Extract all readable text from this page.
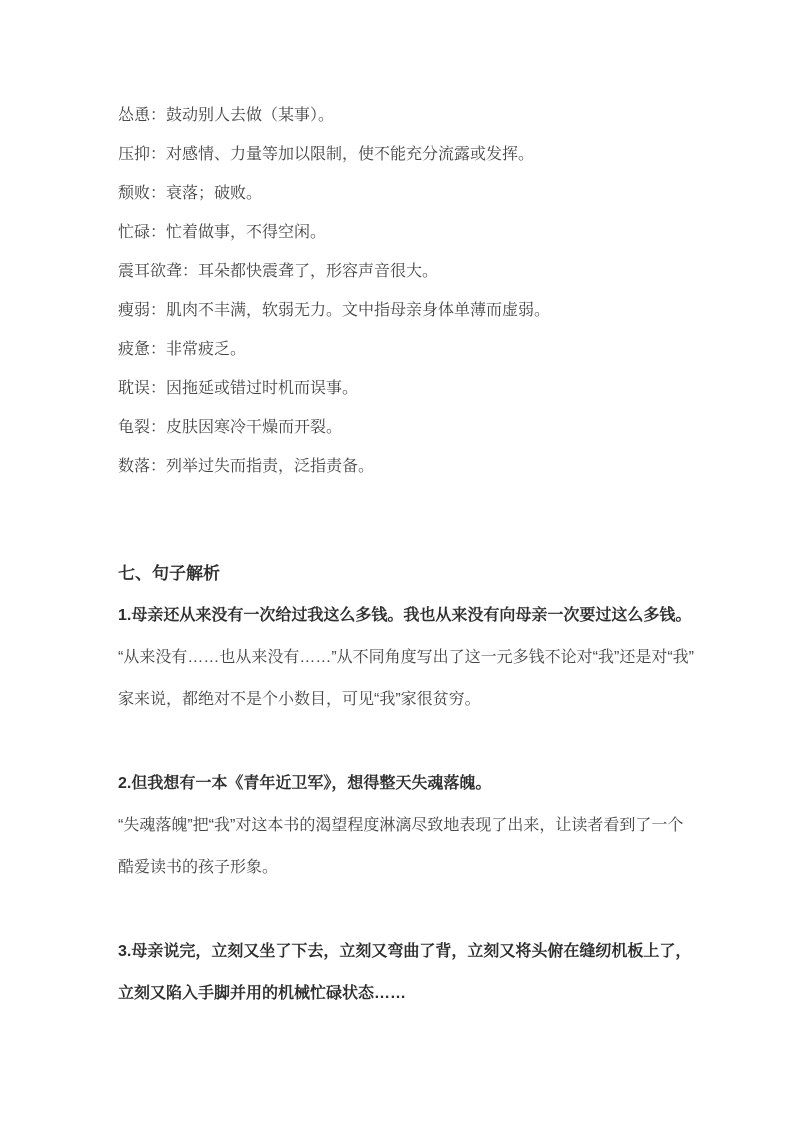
怂恿：鼓动别人去做（某事）。
压抑：对感情、力量等加以限制，使不能充分流露或发挥。
颓败：衰落；破败。
忙碌：忙着做事，不得空闲。
震耳欲聋：耳朵都快震聋了，形容声音很大。
瘦弱：肌肉不丰满，软弱无力。文中指母亲身体单薄而虚弱。
疲惫：非常疲乏。
耽误：因拖延或错过时机而误事。
龟裂：皮肤因寒冷干燥而开裂。
数落：列举过失而指责，泛指责备。
七、句子解析
1.母亲还从来没有一次给过我这么多钱。我也从来没有向母亲一次要过这么多钱。
“从来没有……也从来没有……”从不同角度写出了这一元多钱不论对“我”还是对“我”
家来说，都绝对不是个小数目，可见“我”家很贫穷。
2.但我想有一本《青年近卫军》，想得整天失魂落魄。
“失魂落魄”把“我”对这本书的渴望程度淋漓尽致地表现了出来，让读者看到了一个
酷爱读书的孩子形象。
3.母亲说完，立刻又坐了下去，立刻又弯曲了背，立刻又将头俯在缝纫机板上了，
立刻又陷入手脚并用的机械忙碌状态……
